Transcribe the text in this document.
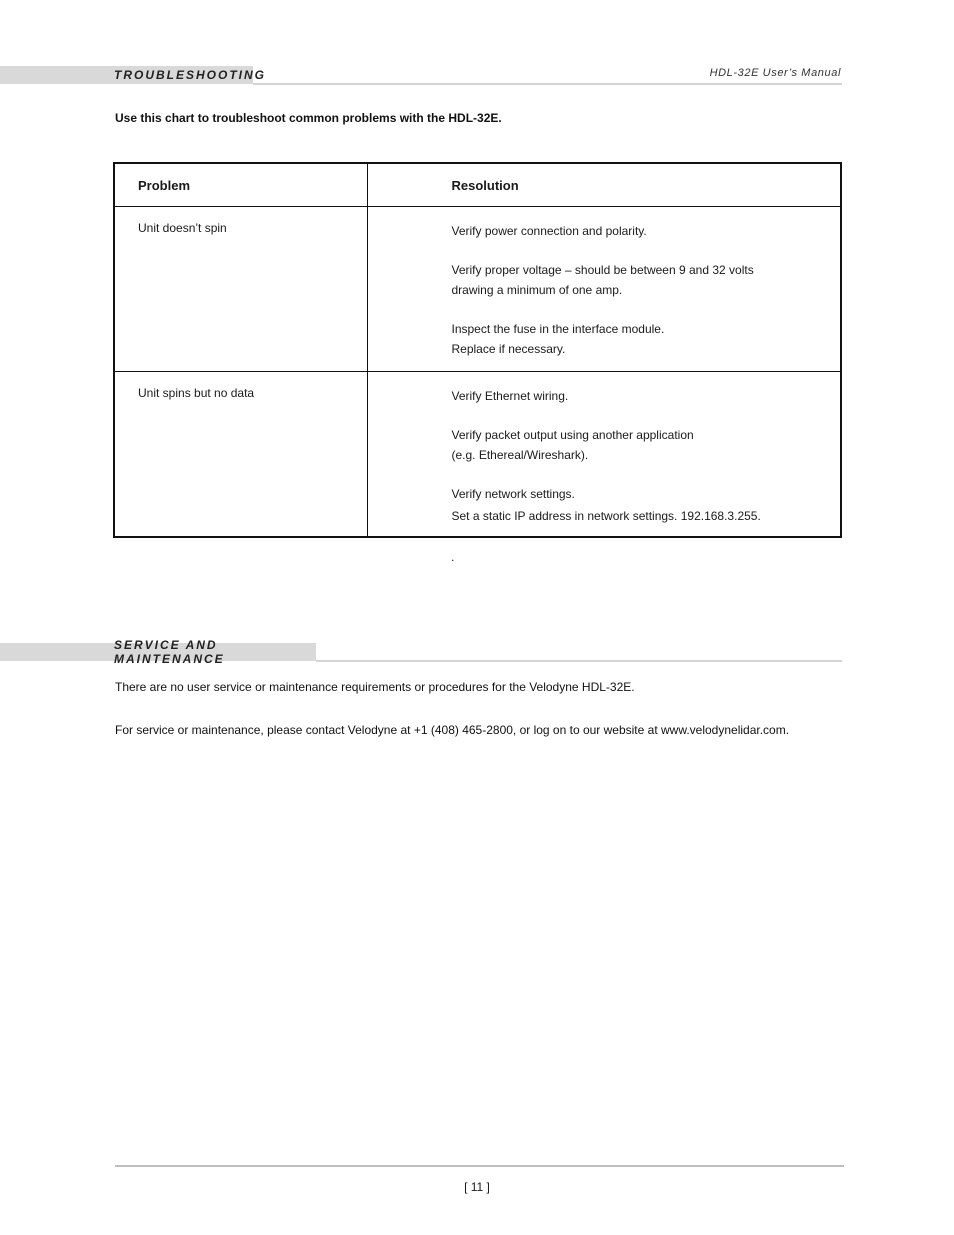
TROUBLESHOOTING	HDL-32E User’s Manual
Use this chart to troubleshoot common problems with the HDL-32E.
Problem	Resolution
Unit doesn’t spin	Verify power connection and polarity.
Verify proper voltage – should be between 9 and 32 volts
drawing a minimum of one amp.
Inspect the fuse in the interface module.
Replace if necessary.

Unit spins but no data	Verify Ethernet wiring.
Verify packet output using another application
(e.g. Ethereal/Wireshark).
Verify network settings.
Set a static IP address in network settings. 192.168.3.255.
.
SERVICE AND MAINTENANCE
There are no user service or maintenance requirements or procedures for the Velodyne HDL-32E.
For service or maintenance, please contact Velodyne at +1 (408) 465-2800, or log on to our website at www.velodynelidar.com.
[ 11 ]
